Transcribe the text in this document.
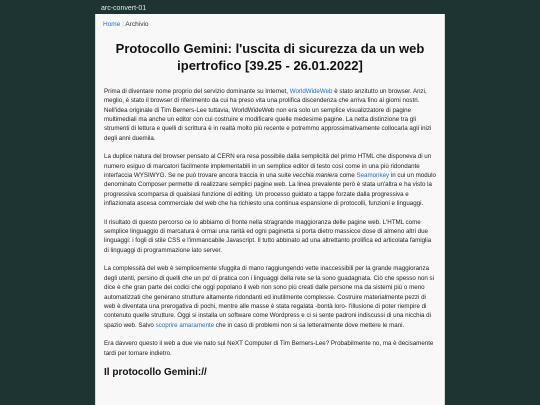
arc-convert-01
Home : Archivio
Protocollo Gemini: l'uscita di sicurezza da un web ipertrofico [39.25 - 26.01.2022]

Prima di diventare nome proprio del servizio dominante su Internet, WorldWideWeb è stato anzitutto un browser. Anzi, meglio, è stato il browser di riferimento da cui ha preso vita una prolifica discendenza che arriva fino ai giorni nostri. Nell'idea originale di Tim Berners-Lee tuttavia, WorldWideWeb non era solo un semplice visualizzatore di pagine multimediali ma anche un editor con cui costruire e modificare quelle medesime pagine. La netta distinzione tra gli strumenti di lettura e quelli di scrittura è in realtà molto più recente e potremmo approssimativamente collocarla agli inizi degli anni duemila.

La duplice natura del browser pensato al CERN era resa possibile dalla semplicità del primo HTML che disponeva di un numero esiguo di marcatori facilmente implementabili in un semplice editor di testo così come in una più ridondante interfaccia WYSIWYG. Se ne può trovare ancora traccia in una suite vecchia maniera come Seamonkey in cui un modulo denominato Composer permette di realizzare semplici pagine web. La linea prevalente però è stata un'altra e ha visto la progressiva scomparsa di qualsiasi funzione di editing. Un processo guidato a tappe forzate dalla progressiva e inflazionata ascesa commerciale del web che ha richiesto una continua espansione di protocolli, funzioni e linguaggi.

Il risultato di questo percorso ce lo abbiamo di fronte nella stragrande maggioranza delle pagine web. L'HTML come semplice linguaggio di marcatura è ormai una rarità ed ogni paginetta si porta dietro massicce dose di almeno altri due linguaggi: i fogli di stile CSS e l'immancabile Javascript. Il tutto abbinato ad una altrettanto prolifica ed articolata famiglia di linguaggi di programmazione lato server.

La complessità del web è semplicemente sfuggita di mano raggiungendo vette inaccessibili per la grande maggioranza degli utenti, persino di quelli che un po' di pratica con i linguaggi della rete se la sono guadagnata. Ciò che spesso non si dice è che gran parte dei codici che oggi popolano il web non sono più creati dalle persone ma da sistemi più o meno automatizzati che generano strutture altamente ridondanti ed inutilmente complesse. Costruire materialmente pezzi di web è diventata una prerogativa di pochi, mentre alle masse è stata regalata -bontà loro- l'illusione di poter riempire di contenuto quelle strutture. Oggi si installa un software come Wordpress e ci si sente padroni indiscussi di una nicchia di spazio web. Salvo scoprire amaramente che in caso di problemi non si sa letteralmente dove mettere le mani.

Era davvero questo il web a due vie nato sul NeXT Computer di Tim Berners-Lee? Probabilmente no, ma è decisamente tardi per tornare indietro.

Il protocollo Gemini://
